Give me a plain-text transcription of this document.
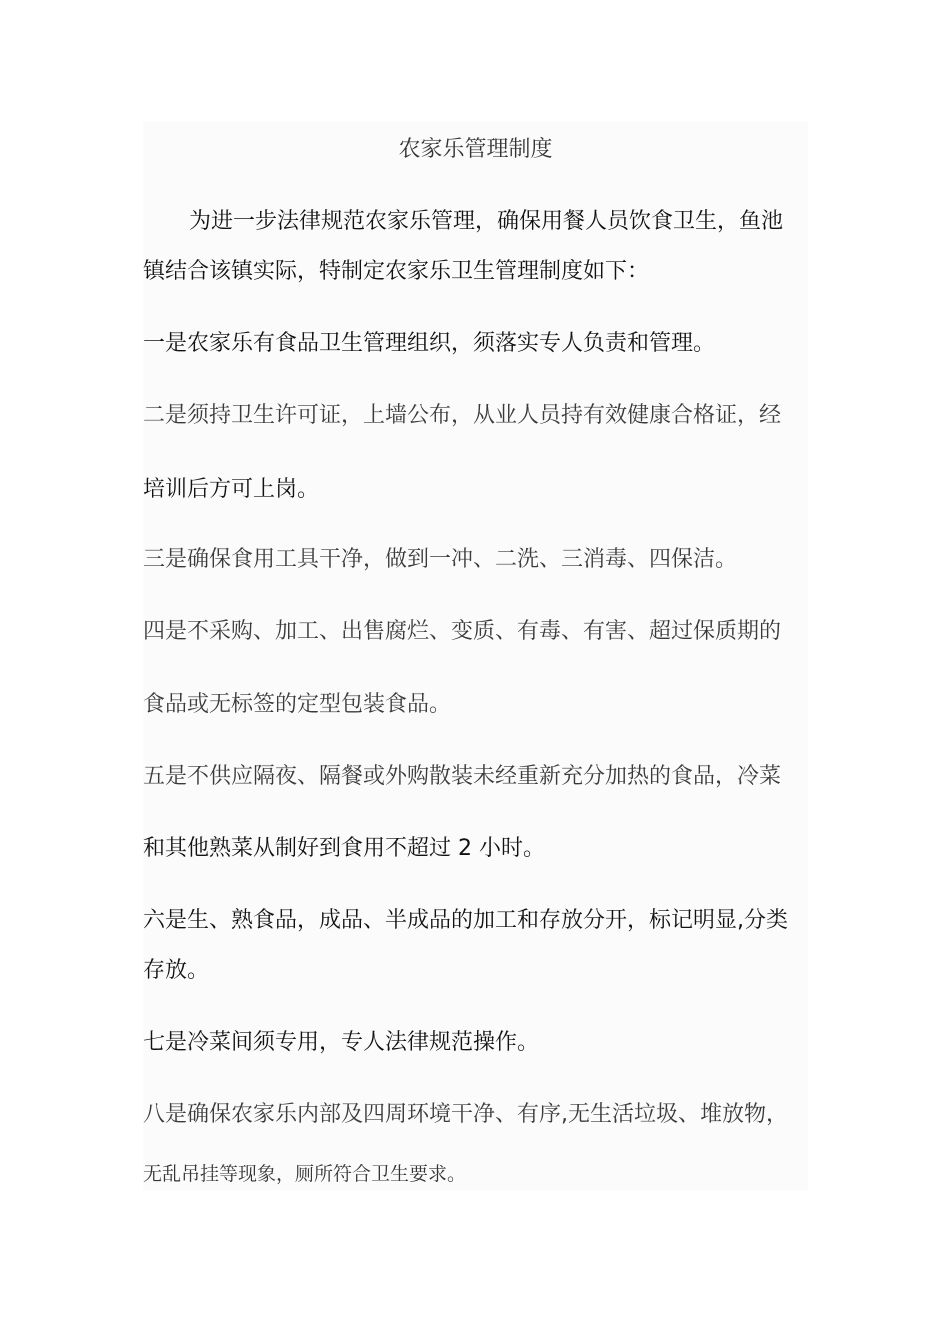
农家乐管理制度
为进一步法律规范农家乐管理，确保用餐人员饮食卫生，鱼池
镇结合该镇实际，特制定农家乐卫生管理制度如下：
一是农家乐有食品卫生管理组织，须落实专人负责和管理。
二是须持卫生许可证，上墙公布，从业人员持有效健康合格证，经
培训后方可上岗。
三是确保食用工具干净，做到一冲、二洗、三消毒、四保洁。
四是不采购、加工、出售腐烂、变质、有毒、有害、超过保质期的
食品或无标签的定型包装食品。
五是不供应隔夜、隔餐或外购散装未经重新充分加热的食品，冷菜
和其他熟菜从制好到食用不超过 2 小时。
六是生、熟食品，成品、半成品的加工和存放分开，标记明显,分类
存放。
七是冷菜间须专用，专人法律规范操作。
八是确保农家乐内部及四周环境干净、有序,无生活垃圾、堆放物，
无乱吊挂等现象，厕所符合卫生要求。
